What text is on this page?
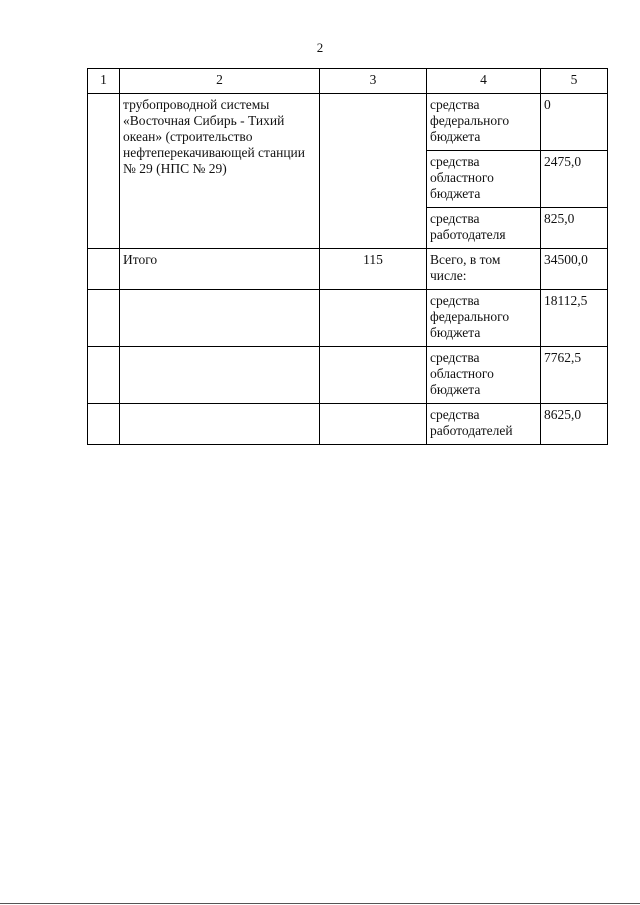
2
1	2	3	4	5
	трубопроводной системы «Восточная Сибирь - Тихий океан» (строительство нефтеперекачивающей станции № 29 (НПС № 29)		средства федерального бюджета	0
			средства областного бюджета	2475,0
			средства работодателя	825,0
	Итого	115	Всего, в том числе:	34500,0
			средства федерального бюджета	18112,5
			средства областного бюджета	7762,5
			средства работодателей	8625,0
